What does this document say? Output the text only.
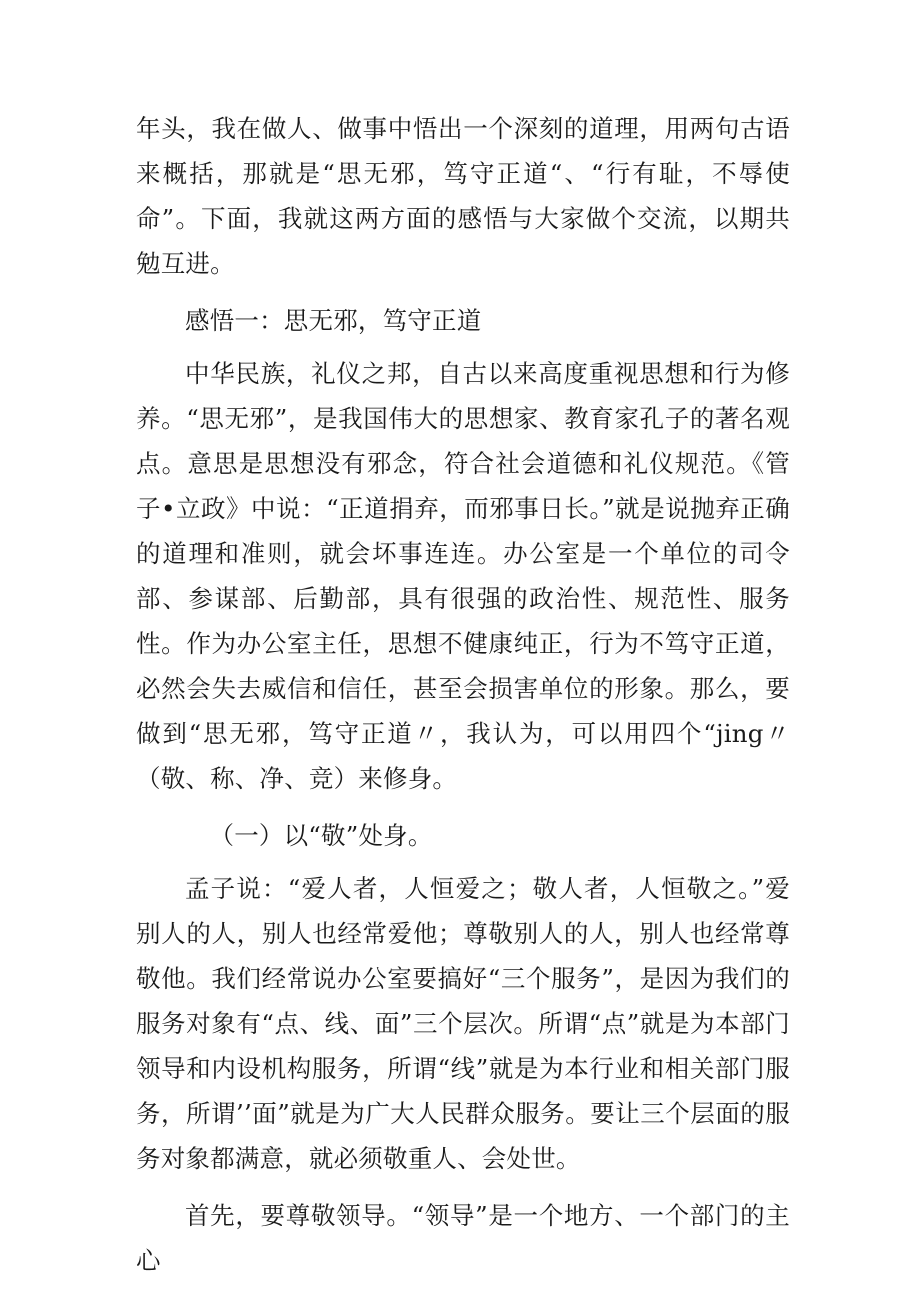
年头，我在做人、做事中悟出一个深刻的道理，用两句古语来概括，那就是“思无邪，笃守正道“、“行有耻，不辱使命”。下面，我就这两方面的感悟与大家做个交流，以期共勉互进。

感悟一：思无邪，笃守正道

中华民族，礼仪之邦，自古以来高度重视思想和行为修养。“思无邪”，是我国伟大的思想家、教育家孔子的著名观点。意思是思想没有邪念，符合社会道德和礼仪规范。《管子•立政》中说：“正道捐弃，而邪事日长。”就是说抛弃正确的道理和准则，就会坏事连连。办公室是一个单位的司令部、参谋部、后勤部，具有很强的政治性、规范性、服务性。作为办公室主任，思想不健康纯正，行为不笃守正道，必然会失去威信和信任，甚至会损害单位的形象。那么，要做到“思无邪，笃守正道〃，我认为，可以用四个“jing〃（敬、称、净、竞）来修身。

（一）以“敬”处身。

孟子说：“爱人者，人恒爱之；敬人者，人恒敬之。”爱别人的人，别人也经常爱他；尊敬别人的人，别人也经常尊敬他。我们经常说办公室要搞好“三个服务”，是因为我们的服务对象有“点、线、面”三个层次。所谓“点”就是为本部门领导和内设机构服务，所谓“线”就是为本行业和相关部门服务，所谓’’面”就是为广大人民群众服务。要让三个层面的服务对象都满意，就必须敬重人、会处世。

首先，要尊敬领导。“领导”是一个地方、一个部门的主心
